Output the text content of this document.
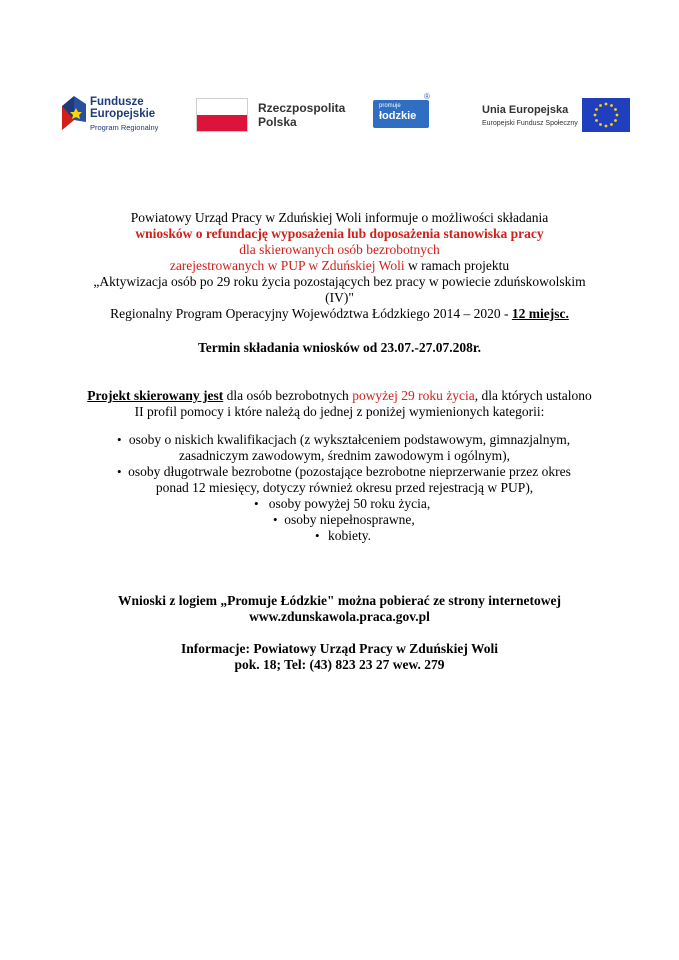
Fundusze
Europejskie
Program Regionalny
Rzeczpospolita
Polska
promuje
łodzkie
®
Unia Europejska
Europejski Fundusz Społeczny
Powiatowy Urząd Pracy w Zduńskiej Woli informuje o możliwości składania
wniosków o refundację wyposażenia lub doposażenia stanowiska pracy
dla skierowanych osób bezrobotnych
zarejestrowanych w PUP w Zduńskiej Woli w ramach projektu
„Aktywizacja osób po 29 roku życia pozostających bez pracy w powiecie zduńskowolskim
(IV)"
Regionalny Program Operacyjny Województwa Łódzkiego 2014 – 2020 - 12 miejsc.
Termin składania wniosków od 23.07.-27.07.208r.
Projekt skierowany jest dla osób bezrobotnych powyżej 29 roku życia, dla których ustalono
II profil pomocy i które należą do jednej z poniżej wymienionych kategorii:
• osoby o niskich kwalifikacjach (z wykształceniem podstawowym, gimnazjalnym,
zasadniczym zawodowym, średnim zawodowym i ogólnym),
• osoby długotrwale bezrobotne (pozostające bezrobotne nieprzerwanie przez okres
ponad 12 miesięcy, dotyczy również okresu przed rejestracją w PUP),
• osoby powyżej 50 roku życia,
• osoby niepełnosprawne,
• kobiety.
Wnioski z logiem „Promuje Łódzkie" można pobierać ze strony internetowej
www.zdunskawola.praca.gov.pl
Informacje: Powiatowy Urząd Pracy w Zduńskiej Woli
pok. 18; Tel: (43) 823 23 27 wew. 279
